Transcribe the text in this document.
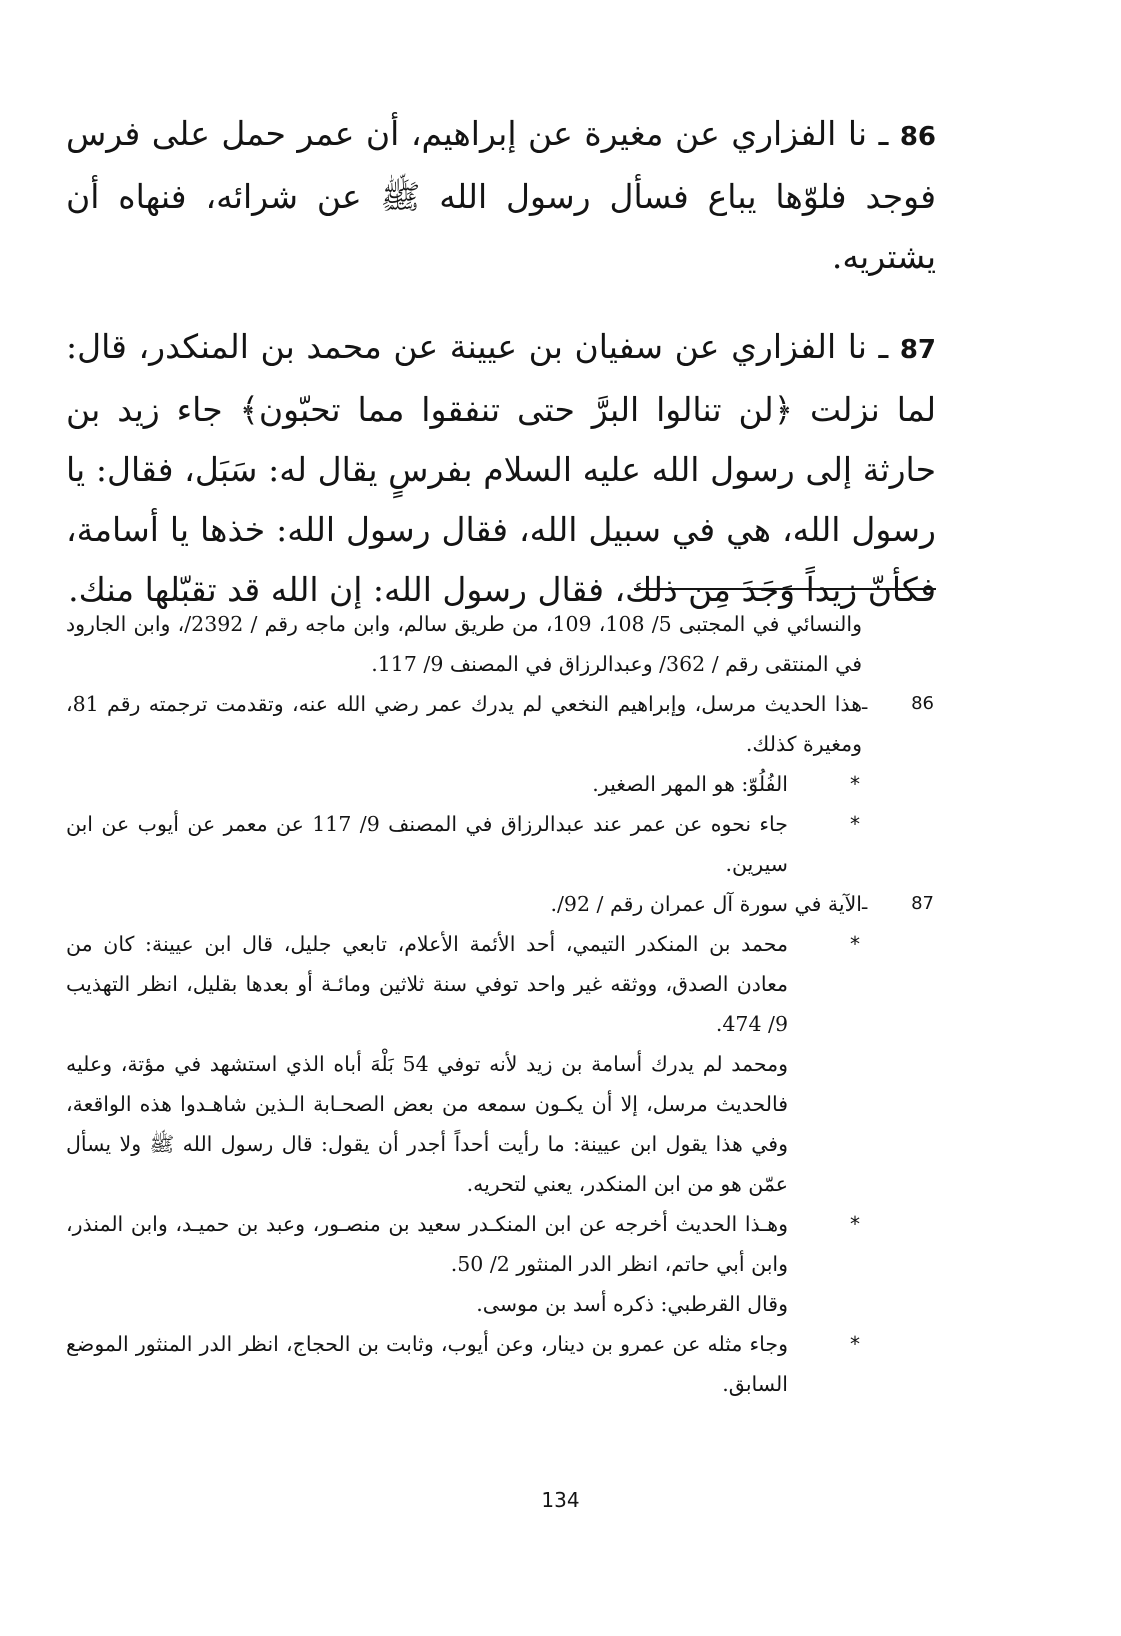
86 ـ نا الفزاري عن مغيرة عن إبراهيم، أن عمر حمل على فرس فوجد فلوّها يباع فسأل رسول الله ﷺ عن شرائه، فنهاه أن يشتريه.

87 ـ نا الفزاري عن سفيان بن عيينة عن محمد بن المنكدر، قال: لما نزلت ﴿لن تنالوا البرَّ حتى تنفقوا مما تحبّون﴾ جاء زيد بن حارثة إلى رسول الله عليه السلام بفرسٍ يقال له: سَبَل، فقال: يا رسول الله، هي في سبيل الله، فقال رسول الله: خذها يا أسامة، فكأنّ زيداً وَجَدَ مِن ذلك، فقال رسول الله: إن الله قد تقبّلها منك.

والنسائي في المجتبى 5/ 108، 109، من طريق سالم، وابن ماجه رقم / 2392/، وابن الجارود في المنتقى رقم / 362/ وعبدالرزاق في المصنف 9/ 117.
86
ـ
هذا الحديث مرسل، وإبراهيم النخعي لم يدرك عمر رضي الله عنه، وتقدمت ترجمته رقم 81، ومغيرة كذلك.
*
الفُلُوّ: هو المهر الصغير.
*
جاء نحوه عن عمر عند عبدالرزاق في المصنف 9/ 117 عن معمر عن أيوب عن ابن سيرين.
87
ـ
الآية في سورة آل عمران رقم / 92/.
*
محمد بن المنكدر التيمي، أحد الأئمة الأعلام، تابعي جليل، قال ابن عيينة: كان من معادن الصدق، ووثقه غير واحد توفي سنة ثلاثين ومائـة أو بعدها بقليل، انظر التهذيب 9/ 474.
ومحمد لم يدرك أسامة بن زيد لأنه توفي 54 بَلْهَ أباه الذي استشهد في مؤتة، وعليه فالحديث مرسل، إلا أن يكـون سمعه من بعض الصحـابة الـذين شاهـدوا هذه الواقعة، وفي هذا يقول ابن عيينة: ما رأيت أحداً أجدر أن يقول: قال رسول الله ﷺ ولا يسأل عمّن هو من ابن المنكدر، يعني لتحريه.
*
وهـذا الحديث أخرجه عن ابن المنكـدر سعيد بن منصـور، وعبد بن حميـد، وابن المنذر، وابن أبي حاتم، انظر الدر المنثور 2/ 50.
وقال القرطبي: ذكره أسد بن موسى.
*
وجاء مثله عن عمرو بن دينار، وعن أيوب، وثابت بن الحجاج، انظر الدر المنثور الموضع السابق.
134
